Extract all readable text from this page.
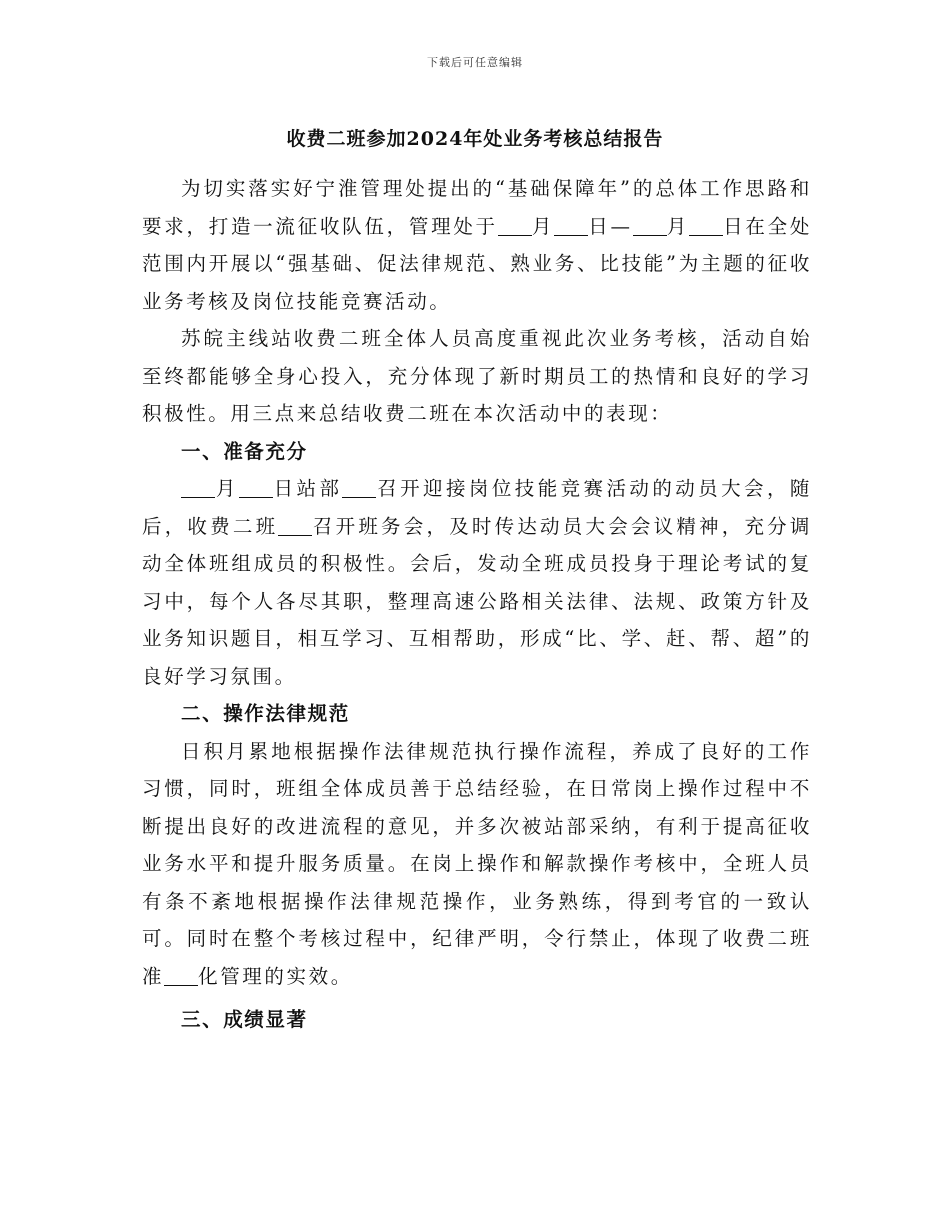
下载后可任意编辑
收费二班参加2024年处业务考核总结报告

为切实落实好宁淮管理处提出的“基础保障年”的总体工作思路和要求，打造一流征收队伍，管理处于 月 日— 月 日在全处范围内开展以“强基础、促法律规范、熟业务、比技能”为主题的征收业务考核及岗位技能竞赛活动。

苏皖主线站收费二班全体人员高度重视此次业务考核，活动自始至终都能够全身心投入，充分体现了新时期员工的热情和良好的学习积极性。用三点来总结收费二班在本次活动中的表现：

一、准备充分

月 日站部 召开迎接岗位技能竞赛活动的动员大会，随后，收费二班 召开班务会，及时传达动员大会会议精神，充分调动全体班组成员的积极性。会后，发动全班成员投身于理论考试的复习中，每个人各尽其职，整理高速公路相关法律、法规、政策方针及业务知识题目，相互学习、互相帮助，形成“比、学、赶、帮、超”的良好学习氛围。

二、操作法律规范

日积月累地根据操作法律规范执行操作流程，养成了良好的工作习惯，同时，班组全体成员善于总结经验，在日常岗上操作过程中不断提出良好的改进流程的意见，并多次被站部采纳，有利于提高征收业务水平和提升服务质量。在岗上操作和解款操作考核中，全班人员有条不紊地根据操作法律规范操作，业务熟练，得到考官的一致认可。同时在整个考核过程中，纪律严明，令行禁止，体现了收费二班准 化管理的实效。

三、成绩显著
